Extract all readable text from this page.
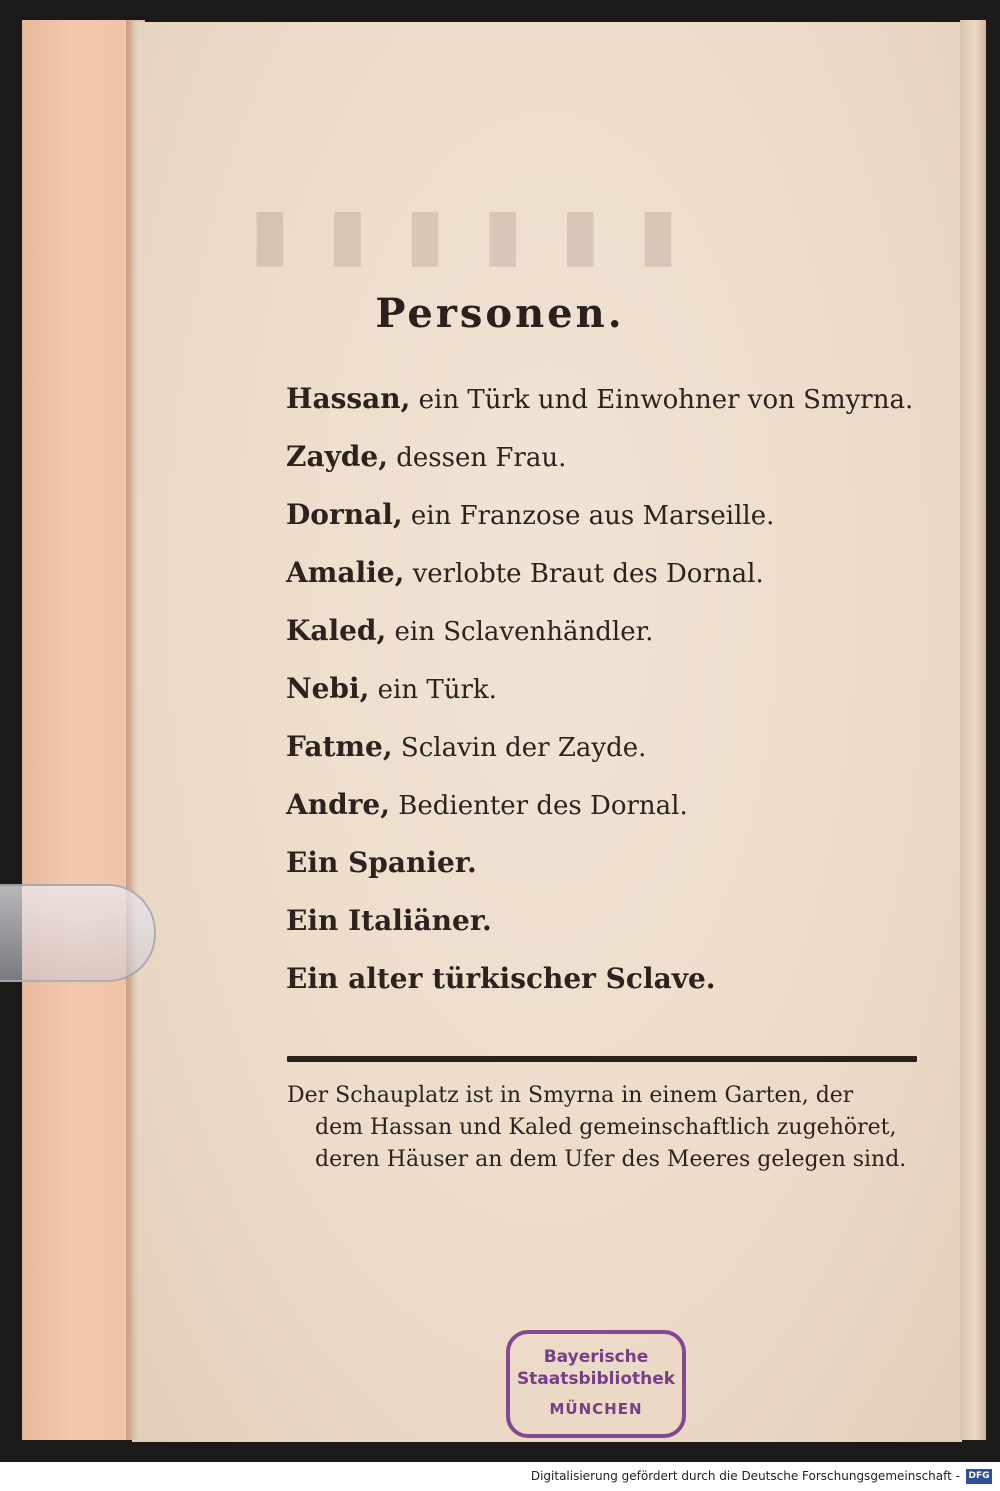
▮▮▮▮▮▮
Personen.
Hassan, ein Türk und Einwohner von Smyrna.
Zayde, dessen Frau.
Dornal, ein Franzose aus Marseille.
Amalie, verlobte Braut des Dornal.
Kaled, ein Sclavenhändler.
Nebi, ein Türk.
Fatme, Sclavin der Zayde.
Andre, Bedienter des Dornal.
Ein Spanier.
Ein Italiäner.
Ein alter türkischer Sclave.
Der Schauplatz ist in Smyrna in einem Garten, der
dem Hassan und Kaled gemeinschaftlich zugehöret,
deren Häuser an dem Ufer des Meeres gelegen sind.
Bayerische
Staatsbibliothek
MÜNCHEN
Digitalisierung gefördert durch die Deutsche Forschungsgemeinschaft - DFG
